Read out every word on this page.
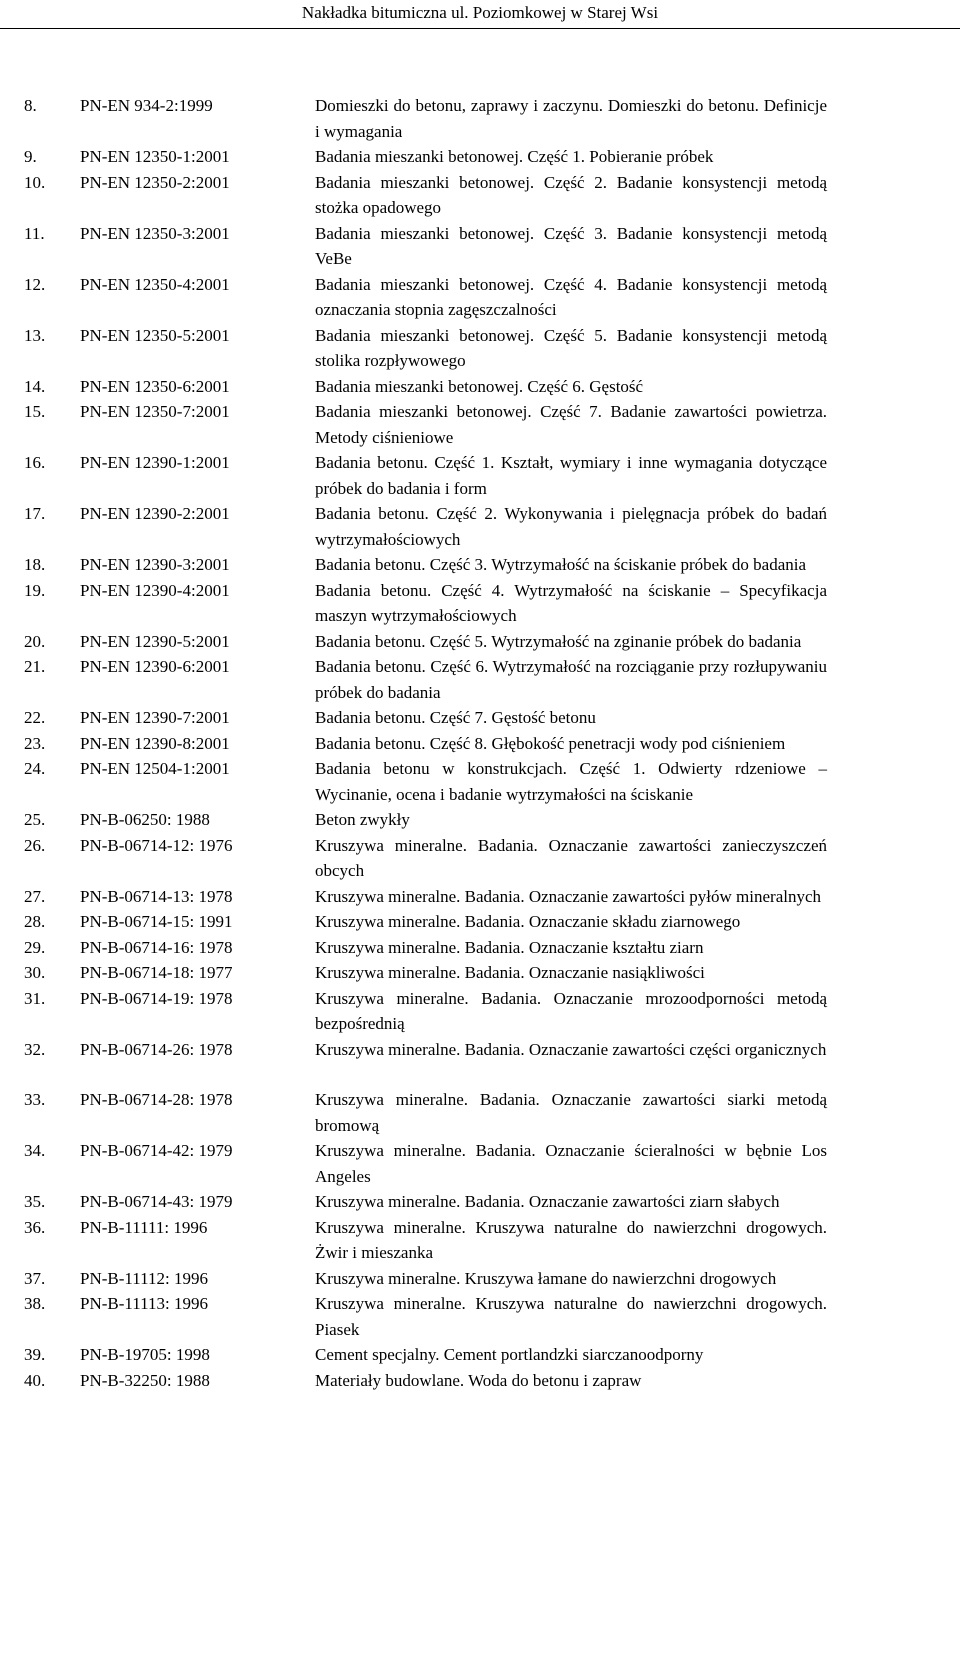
Nakładka bitumiczna ul. Poziomkowej w Starej Wsi
8.	PN-EN 934-2:1999	Domieszki do betonu, zaprawy i zaczynu. Domieszki do betonu. Definicje i wymagania
9.	PN-EN 12350-1:2001	Badania mieszanki betonowej. Część 1. Pobieranie próbek
10. PN-EN 12350-2:2001	Badania mieszanki betonowej. Część 2. Badanie konsystencji metodą stożka opadowego
11. PN-EN 12350-3:2001	Badania mieszanki betonowej. Część 3. Badanie konsystencji metodą VeBe
12. PN-EN 12350-4:2001	Badania mieszanki betonowej. Część 4. Badanie konsystencji metodą oznaczania stopnia zagęszczalności
13. PN-EN 12350-5:2001	Badania mieszanki betonowej. Część 5. Badanie konsystencji metodą stolika rozpływowego
14. PN-EN 12350-6:2001	Badania mieszanki betonowej. Część 6. Gęstość
15. PN-EN 12350-7:2001	Badania mieszanki betonowej. Część 7. Badanie zawartości powietrza. Metody ciśnieniowe
16. PN-EN 12390-1:2001	Badania betonu. Część 1. Kształt, wymiary i inne wymagania dotyczące próbek do badania i form
17. PN-EN 12390-2:2001	Badania betonu. Część 2. Wykonywania i pielęgnacja próbek do badań wytrzymałościowych
18. PN-EN 12390-3:2001	Badania betonu. Część 3. Wytrzymałość na ściskanie próbek do badania
19. PN-EN 12390-4:2001	Badania betonu. Część 4. Wytrzymałość na ściskanie – Specyfikacja maszyn wytrzymałościowych
20. PN-EN 12390-5:2001	Badania betonu. Część 5. Wytrzymałość na zginanie próbek do badania
21. PN-EN 12390-6:2001	Badania betonu. Część 6. Wytrzymałość na rozciąganie przy rozłupywaniu próbek do badania
22. PN-EN 12390-7:2001	Badania betonu. Część 7. Gęstość betonu
23. PN-EN 12390-8:2001	Badania betonu. Część 8. Głębokość penetracji wody pod ciśnieniem
24. PN-EN 12504-1:2001	Badania betonu w konstrukcjach. Część 1. Odwierty rdzeniowe – Wycinanie, ocena i badanie wytrzymałości na ściskanie
25. PN-B-06250: 1988	Beton zwykły
26. PN-B-06714-12: 1976	Kruszywa mineralne. Badania. Oznaczanie zawartości zanieczyszczeń obcych
27. PN-B-06714-13: 1978	Kruszywa mineralne. Badania. Oznaczanie zawartości pyłów mineralnych
28. PN-B-06714-15: 1991	Kruszywa mineralne. Badania. Oznaczanie składu ziarnowego
29. PN-B-06714-16: 1978	Kruszywa mineralne. Badania. Oznaczanie kształtu ziarn
30. PN-B-06714-18: 1977	Kruszywa mineralne. Badania. Oznaczanie nasiąkliwości
31. PN-B-06714-19: 1978	Kruszywa mineralne. Badania. Oznaczanie mrozoodporności metodą bezpośrednią
32. PN-B-06714-26: 1978	Kruszywa mineralne. Badania. Oznaczanie zawartości części organicznych
33. PN-B-06714-28: 1978	Kruszywa mineralne. Badania. Oznaczanie zawartości siarki metodą bromową
34. PN-B-06714-42: 1979	Kruszywa mineralne. Badania. Oznaczanie ścieralności w bębnie Los Angeles
35. PN-B-06714-43: 1979	Kruszywa mineralne. Badania. Oznaczanie zawartości ziarn słabych
36. PN-B-11111: 1996	Kruszywa mineralne. Kruszywa naturalne do nawierzchni drogowych. Żwir i mieszanka
37. PN-B-11112: 1996	Kruszywa mineralne. Kruszywa łamane do nawierzchni drogowych
38. PN-B-11113: 1996	Kruszywa mineralne. Kruszywa naturalne do nawierzchni drogowych. Piasek
39. PN-B-19705: 1998	Cement specjalny. Cement portlandzki siarczanoodporny
40. PN-B-32250: 1988	Materiały budowlane. Woda do betonu i zapraw
